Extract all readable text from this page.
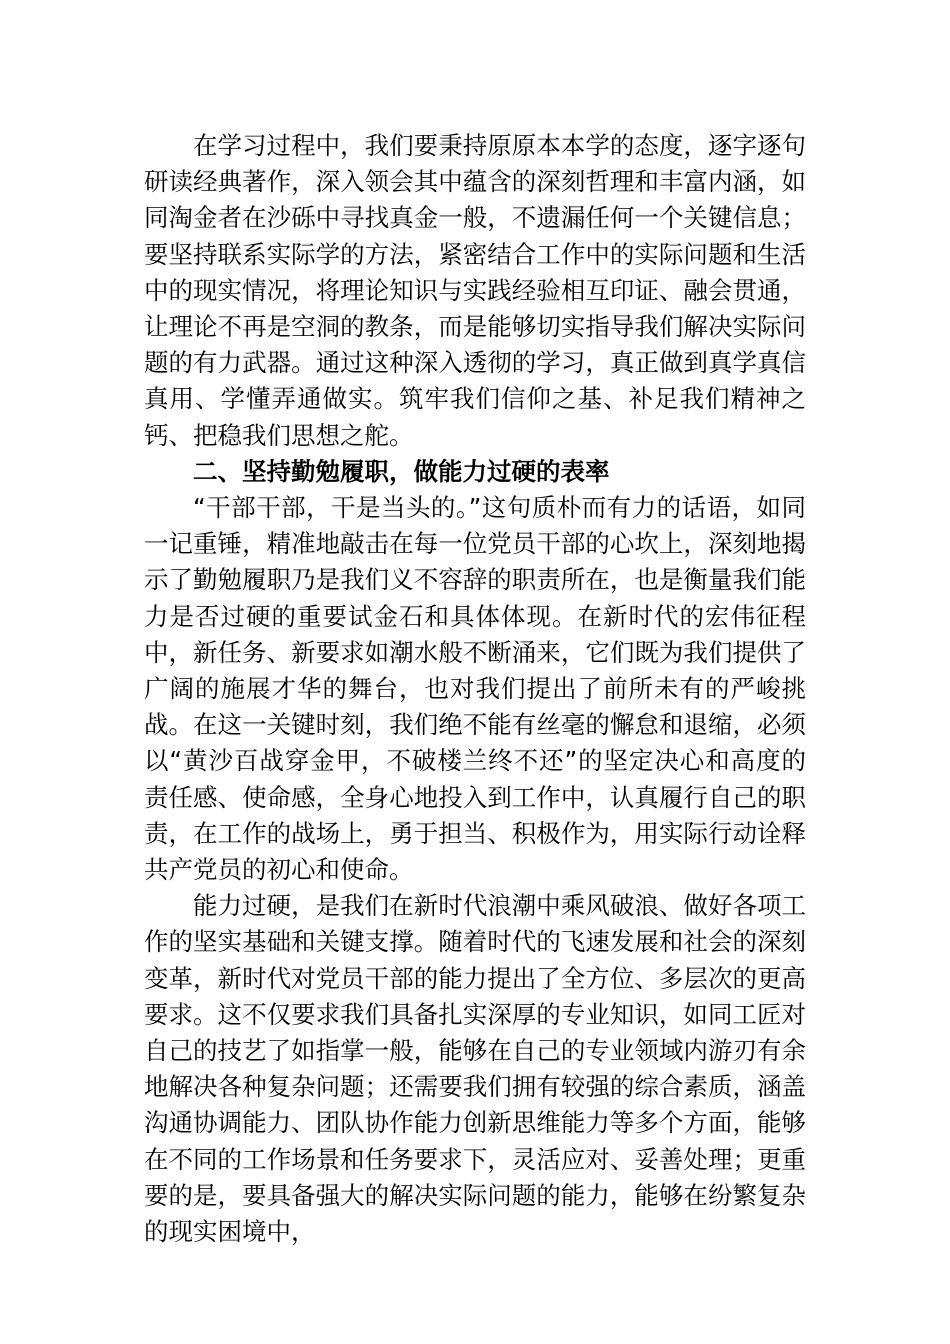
在学习过程中，我们要秉持原原本本学的态度，逐字逐句研读经典著作，深入领会其中蕴含的深刻哲理和丰富内涵，如同淘金者在沙砾中寻找真金一般，不遗漏任何一个关键信息；要坚持联系实际学的方法，紧密结合工作中的实际问题和生活中的现实情况，将理论知识与实践经验相互印证、融会贯通，让理论不再是空洞的教条，而是能够切实指导我们解决实际问题的有力武器。通过这种深入透彻的学习，真正做到真学真信真用、学懂弄通做实。筑牢我们信仰之基、补足我们精神之钙、把稳我们思想之舵。

二、坚持勤勉履职，做能力过硬的表率

“干部干部，干是当头的。”这句质朴而有力的话语，如同一记重锤，精准地敲击在每一位党员干部的心坎上，深刻地揭示了勤勉履职乃是我们义不容辞的职责所在，也是衡量我们能力是否过硬的重要试金石和具体体现。在新时代的宏伟征程中，新任务、新要求如潮水般不断涌来，它们既为我们提供了广阔的施展才华的舞台，也对我们提出了前所未有的严峻挑战。在这一关键时刻，我们绝不能有丝毫的懈怠和退缩，必须以“黄沙百战穿金甲，不破楼兰终不还”的坚定决心和高度的责任感、使命感，全身心地投入到工作中，认真履行自己的职责，在工作的战场上，勇于担当、积极作为，用实际行动诠释共产党员的初心和使命。

能力过硬，是我们在新时代浪潮中乘风破浪、做好各项工作的坚实基础和关键支撑。随着时代的飞速发展和社会的深刻变革，新时代对党员干部的能力提出了全方位、多层次的更高要求。这不仅要求我们具备扎实深厚的专业知识，如同工匠对自己的技艺了如指掌一般，能够在自己的专业领域内游刃有余地解决各种复杂问题；还需要我们拥有较强的综合素质，涵盖沟通协调能力、团队协作能力创新思维能力等多个方面，能够在不同的工作场景和任务要求下，灵活应对、妥善处理；更重要的是，要具备强大的解决实际问题的能力，能够在纷繁复杂的现实困境中，
